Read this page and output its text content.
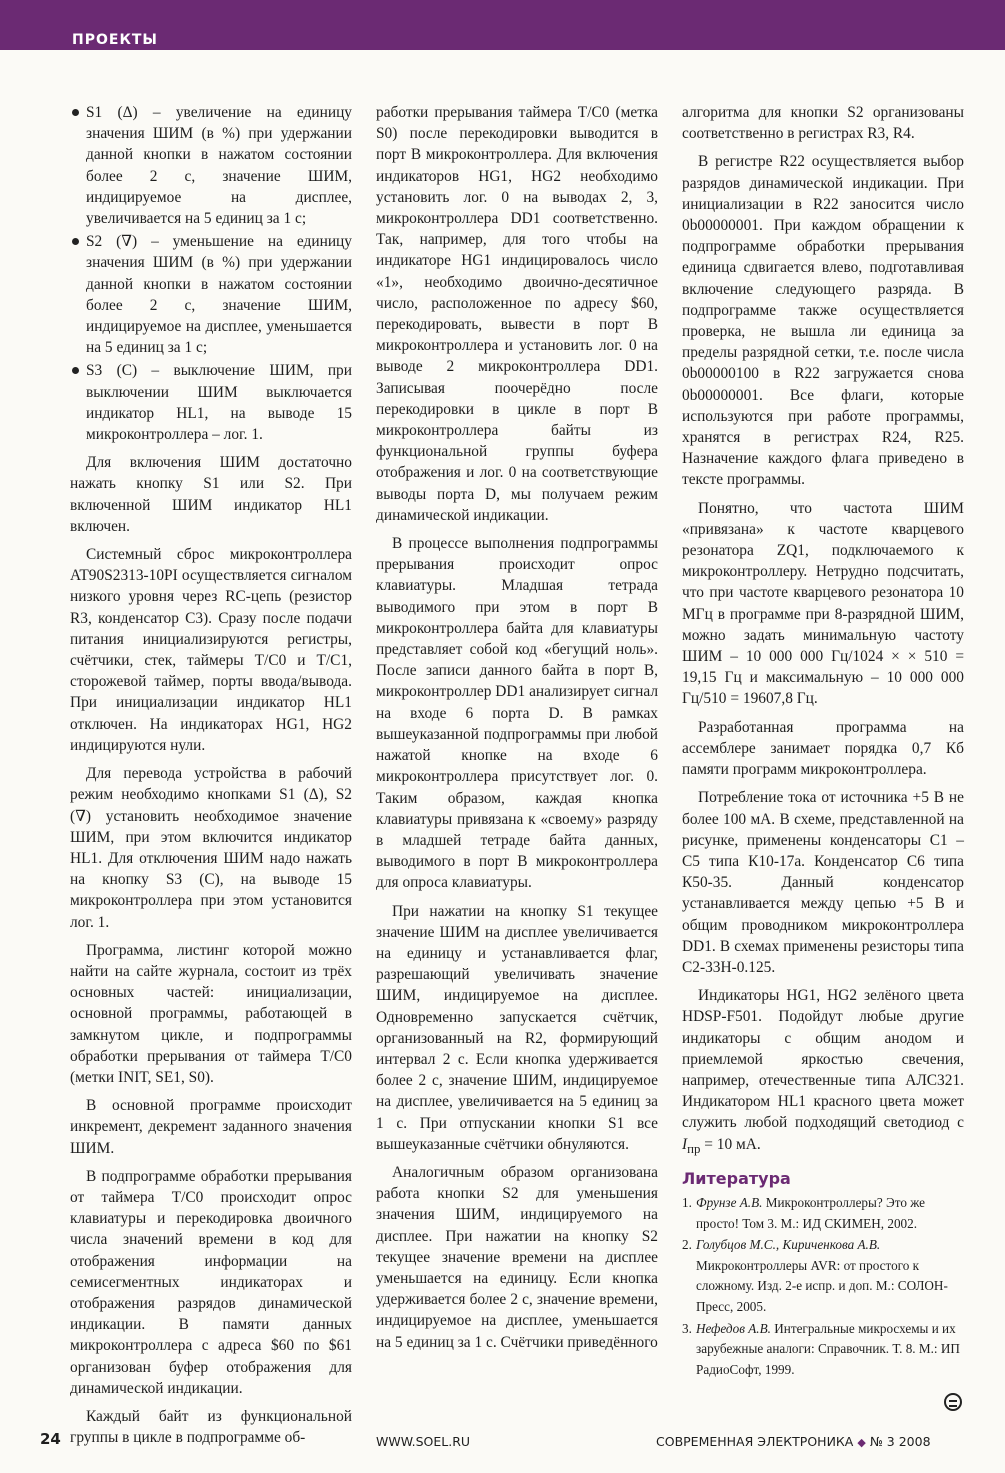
ПРОЕКТЫ
S1 (Δ) – увеличение на единицу значения ШИМ (в %) при удержании данной кнопки в нажатом состоянии более 2 с, значение ШИМ, индицируемое на дисплее, увеличивается на 5 единиц за 1 с;
S2 (∇) – уменьшение на единицу значения ШИМ (в %) при удержании данной кнопки в нажатом состоянии более 2 с, значение ШИМ, индицируемое на дисплее, уменьшается на 5 единиц за 1 с;
S3 (С) – выключение ШИМ, при выключении ШИМ выключается индикатор HL1, на выводе 15 микроконтроллера – лог. 1.

Для включения ШИМ достаточно нажать кнопку S1 или S2. При включенной ШИМ индикатор HL1 включен.

Системный сброс микроконтроллера AT90S2313-10PI осуществляется сигналом низкого уровня через RC-цепь (резистор R3, конденсатор С3). Сразу после подачи питания инициализируются регистры, счётчики, стек, таймеры T/C0 и T/C1, сторожевой таймер, порты ввода/вывода. При инициализации индикатор HL1 отключен. На индикаторах HG1, HG2 индицируются нули.

Для перевода устройства в рабочий режим необходимо кнопками S1 (Δ), S2 (∇) установить необходимое значение ШИМ, при этом включится индикатор HL1. Для отключения ШИМ надо нажать на кнопку S3 (С), на выводе 15 микроконтроллера при этом установится лог. 1.

Программа, листинг которой можно найти на сайте журнала, состоит из трёх основных частей: инициализации, основной программы, работающей в замкнутом цикле, и подпрограммы обработки прерывания от таймера T/C0 (метки INIT, SE1, S0).

В основной программе происходит инкремент, декремент заданного значения ШИМ.

В подпрограмме обработки прерывания от таймера T/C0 происходит опрос клавиатуры и перекодировка двоичного числа значений времени в код для отображения информации на семисегментных индикаторах и отображения разрядов динамической индикации. В памяти данных микроконтроллера с адреса $60 по $61 организован буфер отображения для динамической индикации.

Каждый байт из функциональной группы в цикле в подпрограмме об-

работки прерывания таймера T/C0 (метка S0) после перекодировки выводится в порт B микроконтроллера. Для включения индикаторов HG1, HG2 необходимо установить лог. 0 на выводах 2, 3, микроконтроллера DD1 соответственно. Так, например, для того чтобы на индикаторе HG1 индицировалось число «1», необходимо двоично-десятичное число, расположенное по адресу $60, перекодировать, вывести в порт B микроконтроллера и установить лог. 0 на выводе 2 микроконтроллера DD1. Записывая поочерёдно после перекодировки в цикле в порт B микроконтроллера байты из функциональной группы буфера отображения и лог. 0 на соответствующие выводы порта D, мы получаем режим динамической индикации.

В процессе выполнения подпрограммы прерывания происходит опрос клавиатуры. Младшая тетрада выводимого при этом в порт B микроконтроллера байта для клавиатуры представляет собой код «бегущий ноль». После записи данного байта в порт B, микроконтроллер DD1 анализирует сигнал на входе 6 порта D. В рамках вышеуказанной подпрограммы при любой нажатой кнопке на входе 6 микроконтроллера присутствует лог. 0. Таким образом, каждая кнопка клавиатуры привязана к «своему» разряду в младшей тетраде байта данных, выводимого в порт B микроконтроллера для опроса клавиатуры.

При нажатии на кнопку S1 текущее значение ШИМ на дисплее увеличивается на единицу и устанавливается флаг, разрешающий увеличивать значение ШИМ, индицируемое на дисплее. Одновременно запускается счётчик, организованный на R2, формирующий интервал 2 с. Если кнопка удерживается более 2 с, значение ШИМ, индицируемое на дисплее, увеличивается на 5 единиц за 1 с. При отпускании кнопки S1 все вышеуказанные счётчики обнуляются.

Аналогичным образом организована работа кнопки S2 для уменьшения значения ШИМ, индицируемого на дисплее. При нажатии на кнопку S2 текущее значение времени на дисплее уменьшается на единицу. Если кнопка удерживается более 2 с, значение времени, индицируемое на дисплее, уменьшается на 5 единиц за 1 с. Счётчики приведённого

алгоритма для кнопки S2 организованы соответственно в регистрах R3, R4.

В регистре R22 осуществляется выбор разрядов динамической индикации. При инициализации в R22 заносится число 0b00000001. При каждом обращении к подпрограмме обработки прерывания единица сдвигается влево, подготавливая включение следующего разряда. В подпрограмме также осуществляется проверка, не вышла ли единица за пределы разрядной сетки, т.е. после числа 0b00000100 в R22 загружается снова 0b00000001. Все флаги, которые используются при работе программы, хранятся в регистрах R24, R25. Назначение каждого флага приведено в тексте программы.

Понятно, что частота ШИМ «привязана» к частоте кварцевого резонатора ZQ1, подключаемого к микроконтроллеру. Нетрудно подсчитать, что при частоте кварцевого резонатора 10 МГц в программе при 8-разрядной ШИМ, можно задать минимальную частоту ШИМ – 10 000 000 Гц/1024 × × 510 = 19,15 Гц и максимальную – 10 000 000 Гц/510 = 19607,8 Гц.

Разработанная программа на ассемблере занимает порядка 0,7 Кб памяти программ микроконтроллера.

Потребление тока от источника +5 В не более 100 мА. В схеме, представленной на рисунке, применены конденсаторы С1 – С5 типа К10-17а. Конденсатор С6 типа К50-35. Данный конденсатор устанавливается между цепью +5 В и общим проводником микроконтроллера DD1. В схемах применены резисторы типа С2-33Н-0.125.

Индикаторы HG1, HG2 зелёного цвета HDSP-F501. Подойдут любые другие индикаторы с общим анодом и приемлемой яркостью свечения, например, отечественные типа АЛС321. Индикатором HL1 красного цвета может служить любой подходящий светодиод с $I_{пр} = 10$ мА.

Литература
1. Фрунзе А.В. Микроконтроллеры? Это же просто! Том 3. М.: ИД СКИМЕН, 2002.
2. Голубцов М.С., Кириченкова А.В. Микроконтроллеры AVR: от простого к сложному. Изд. 2-е испр. и доп. М.: СОЛОН-Пресс, 2005.
3. Нефедов А.В. Интегральные микросхемы и их зарубежные аналоги: Справочник. Т. 8. М.: ИП РадиоСофт, 1999.
24	WWW.SOEL.RU	СОВРЕМЕННАЯ ЭЛЕКТРОНИКА ◆ № 3 2008
